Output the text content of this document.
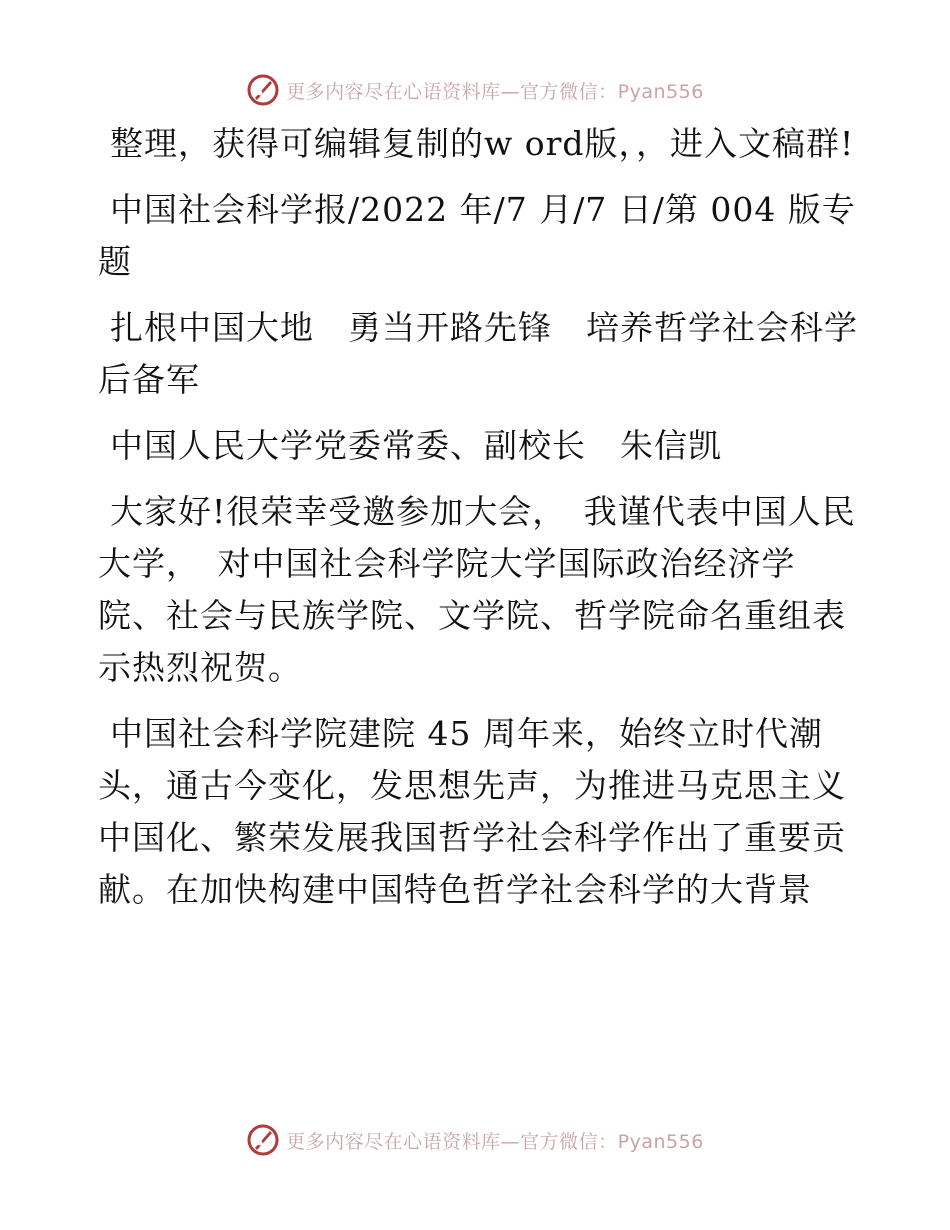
更多内容尽在心语资料库—官方微信：Pyan556

整理，获得可编辑复制的w ord版，，进入文稿群!

中国社会科学报/2022 年/7 月/7 日/第 004 版专题

扎根中国大地　勇当开路先锋　培养哲学社会科学后备军

中国人民大学党委常委、副校长　朱信凯

大家好!很荣幸受邀参加大会，　我谨代表中国人民大学，　对中国社会科学院大学国际政治经济学院、社会与民族学院、文学院、哲学院命名重组表示热烈祝贺。

中国社会科学院建院 45 周年来，始终立时代潮头，通古今变化，发思想先声，为推进马克思主义中国化、繁荣发展我国哲学社会科学作出了重要贡献。在加快构建中国特色哲学社会科学的大背景

更多内容尽在心语资料库—官方微信：Pyan556
